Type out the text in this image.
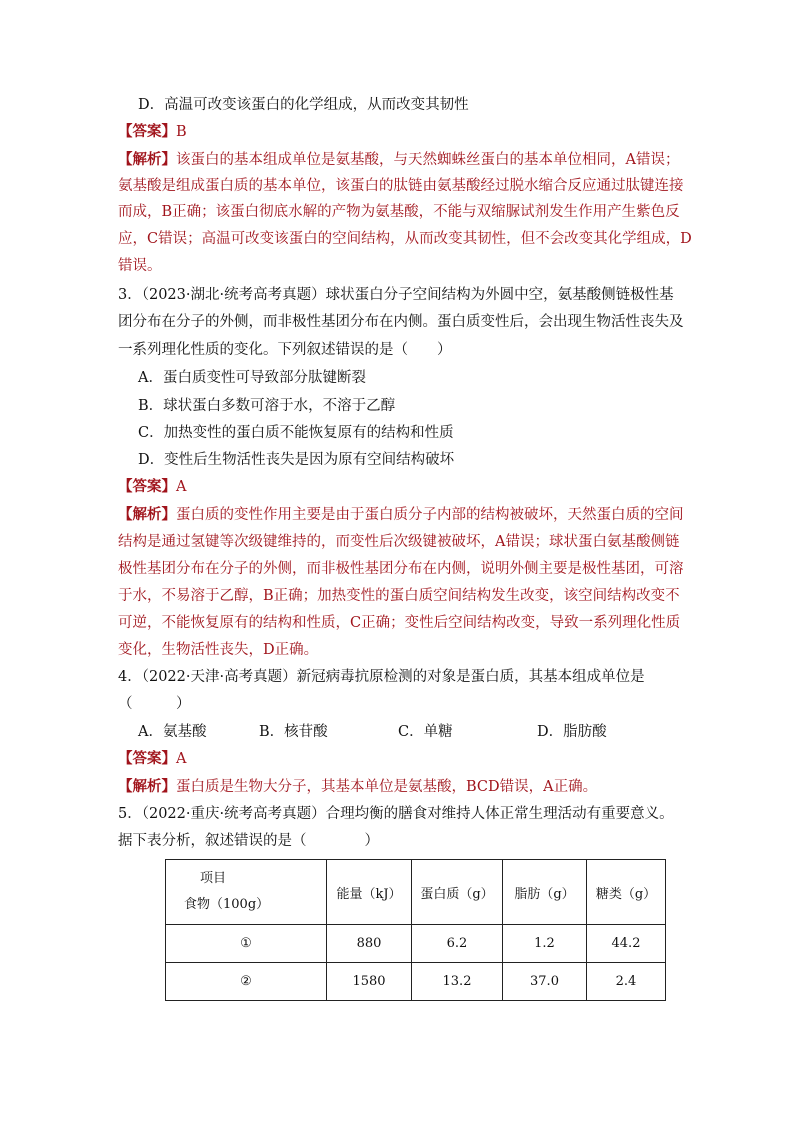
D．高温可改变该蛋白的化学组成，从而改变其韧性
【答案】B
【解析】该蛋白的基本组成单位是氨基酸，与天然蜘蛛丝蛋白的基本单位相同，A错误；
氨基酸是组成蛋白质的基本单位，该蛋白的肽链由氨基酸经过脱水缩合反应通过肽键连接
而成，B正确；该蛋白彻底水解的产物为氨基酸，不能与双缩脲试剂发生作用产生紫色反
应，C错误；高温可改变该蛋白的空间结构，从而改变其韧性，但不会改变其化学组成，D
错误。
3．（2023·湖北·统考高考真题）球状蛋白分子空间结构为外圆中空，氨基酸侧链极性基
团分布在分子的外侧，而非极性基团分布在内侧。蛋白质变性后，会出现生物活性丧失及
一系列理化性质的变化。下列叙述错误的是（　　）
A．蛋白质变性可导致部分肽键断裂
B．球状蛋白多数可溶于水，不溶于乙醇
C．加热变性的蛋白质不能恢复原有的结构和性质
D．变性后生物活性丧失是因为原有空间结构破坏
【答案】A
【解析】蛋白质的变性作用主要是由于蛋白质分子内部的结构被破坏，天然蛋白质的空间
结构是通过氢键等次级键维持的，而变性后次级键被破坏，A错误；球状蛋白氨基酸侧链
极性基团分布在分子的外侧，而非极性基团分布在内侧，说明外侧主要是极性基团，可溶
于水，不易溶于乙醇，B正确；加热变性的蛋白质空间结构发生改变，该空间结构改变不
可逆，不能恢复原有的结构和性质，C正确；变性后空间结构改变，导致一系列理化性质
变化，生物活性丧失，D正确。
4．（2022·天津·高考真题）新冠病毒抗原检测的对象是蛋白质，其基本组成单位是
（　　　）
A．氨基酸	B．核苷酸	C．单糖	D．脂肪酸
【答案】A
【解析】蛋白质是生物大分子，其基本单位是氨基酸，BCD错误，A正确。
5．（2022·重庆·统考高考真题）合理均衡的膳食对维持人体正常生理活动有重要意义。
据下表分析，叙述错误的是（　　　　）
项目
食物（100g）	能量（kJ）	蛋白质（g）	脂肪（g）	糖类（g）
①	880	6.2	1.2	44.2
②	1580	13.2	37.0	2.4
